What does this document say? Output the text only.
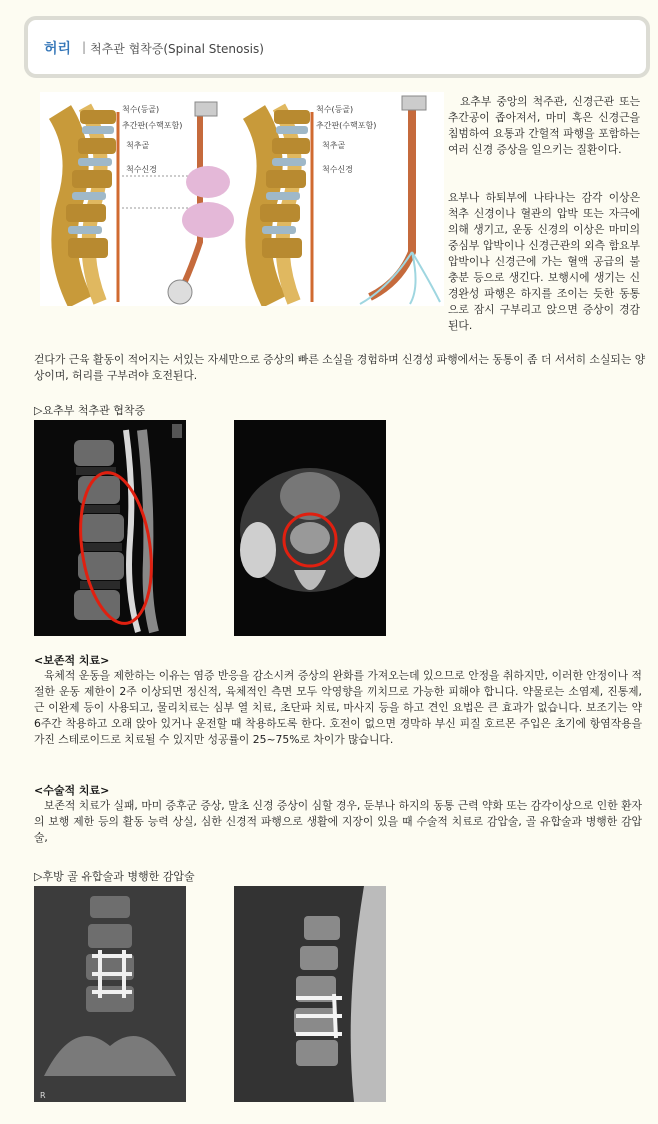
허리 | 척추관 협착증(Spinal Stenosis)
척수(등골)
추간판(수핵포함)
척추골
척수신경
척수(등골)
추간판(수핵포함)
척추골
척수신경
요추부 중앙의 척주관, 신경근관 또는 추간공이 좁아져서, 마미 혹은 신경근을 침범하여 요통과 간헐적 파행을 포함하는 여러 신경 증상을 일으키는 질환이다.
요부나 하퇴부에 나타나는 감각 이상은 척추 신경이나 혈관의 압박 또는 자극에 의해 생기고, 운동 신경의 이상은 마미의 중심부 압박이나 신경근관의 외측 함요부 압박이나 신경근에 가는 혈액 공급의 불충분 등으로 생긴다. 보행시에 생기는 신경완성 파행은 하지를 조이는 듯한 동통으로 잠시 구부리고 앉으면 증상이 경감된다.
걷다가 근육 활동이 적어지는 서있는 자세만으로 증상의 빠른 소실을 경험하며 신경성 파행에서는 동통이 좀 더 서서히 소실되는 양상이며, 허리를 구부려야 호전된다.
▷요추부 척추관 협착증
<보존적 치료>
육체적 운동을 제한하는 이유는 염증 반응을 감소시켜 증상의 완화를 가져오는데 있으므로 안정을 취하지만, 이러한 안정이나 적절한 운동 제한이 2주 이상되면 정신적, 육체적인 측면 모두 악영향을 끼치므로 가능한 피해야 합니다. 약물로는 소염제, 진통제, 근 이완제 등이 사용되고, 물리치료는 심부 열 치료, 초단파 치료, 마사지 등을 하고 견인 요법은 큰 효과가 없습니다. 보조기는 약 6주간 착용하고 오래 앉아 있거나 운전할 때 착용하도록 한다. 호전이 없으면 경막하 부신 피질 호르몬 주입은 초기에 항염작용을 가진 스테로이드로 치료될 수 있지만 성공률이 25~75%로 차이가 많습니다.
<수술적 치료>
보존적 치료가 실패, 마미 증후군 증상, 말초 신경 증상이 심할 경우, 둔부나 하지의 동통 근력 약화 또는 감각이상으로 인한 환자의 보행 제한 등의 활동 능력 상실, 심한 신경적 파행으로 생활에 지장이 있을 때 수술적 치료로 감압술, 골 유합술과 병행한 감압술,
▷후방 골 유합술과 병행한 감압술
R
